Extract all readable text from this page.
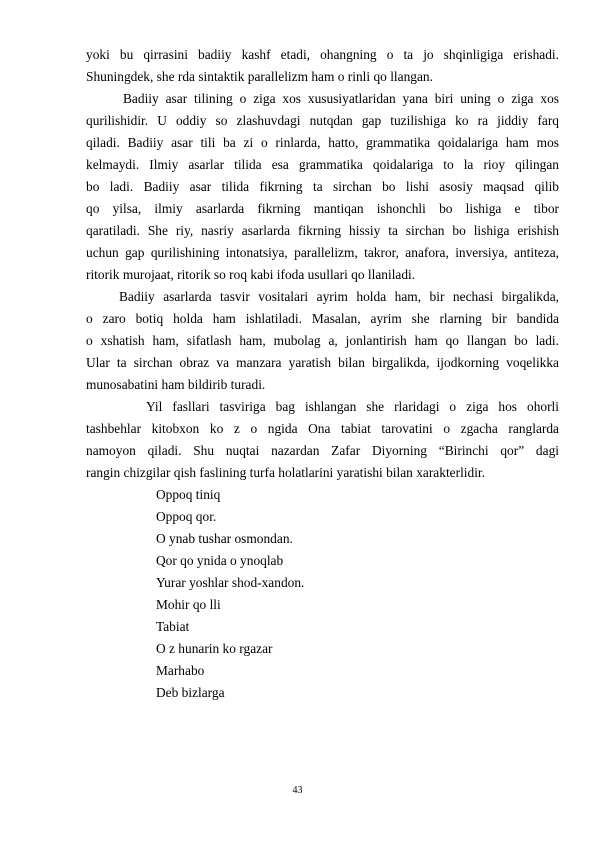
yoki bu qirrasini badiiy kashf etadi, ohangning o ta jo shqinligiga erishadi.
Shuningdek, she rda sintaktik parallelizm ham o rinli qo llangan.
Badiiy asar tilining o ziga xos xususiyatlaridan yana biri uning o ziga xos
qurilishidir. U oddiy so zlashuvdagi nutqdan gap tuzilishiga ko ra jiddiy farq
qiladi. Badiiy asar tili ba zi o rinlarda, hatto, grammatika qoidalariga ham mos
kelmaydi. Ilmiy asarlar tilida esa grammatika qoidalariga to la rioy qilingan
bo ladi. Badiiy asar tilida fikrning ta sirchan bo lishi asosiy maqsad qilib
qo yilsa, ilmiy asarlarda fikrning mantiqan ishonchli bo lishiga e tibor
qaratiladi. She riy, nasriy asarlarda fikrning hissiy ta sirchan bo lishiga erishish
uchun gap qurilishining intonatsiya, parallelizm, takror, anafora, inversiya, antiteza,
ritorik murojaat, ritorik so roq kabi ifoda usullari qo llaniladi.
Badiiy asarlarda tasvir vositalari ayrim holda ham, bir nechasi birgalikda,
o zaro botiq holda ham ishlatiladi. Masalan, ayrim she rlarning bir bandida
o xshatish ham, sifatlash ham, mubolag a, jonlantirish ham qo llangan bo ladi.
Ular ta sirchan obraz va manzara yaratish bilan birgalikda, ijodkorning voqelikka
munosabatini ham bildirib turadi.
Yil fasllari tasviriga bag ishlangan she rlaridagi o ziga hos ohorli
tashbehlar kitobxon ko z o ngida Ona tabiat tarovatini o zgacha ranglarda
namoyon qiladi. Shu nuqtai nazardan Zafar Diyorning “Birinchi qor” dagi
rangin chizgilar qish faslining turfa holatlarini yaratishi bilan xarakterlidir.
Oppoq tiniq
Oppoq qor.
O ynab tushar osmondan.
Qor qo ynida o ynoqlab
Yurar yoshlar shod-xandon.
Mohir qo lli
Tabiat
O z hunarin ko rgazar
Marhabo
Deb bizlarga
43
